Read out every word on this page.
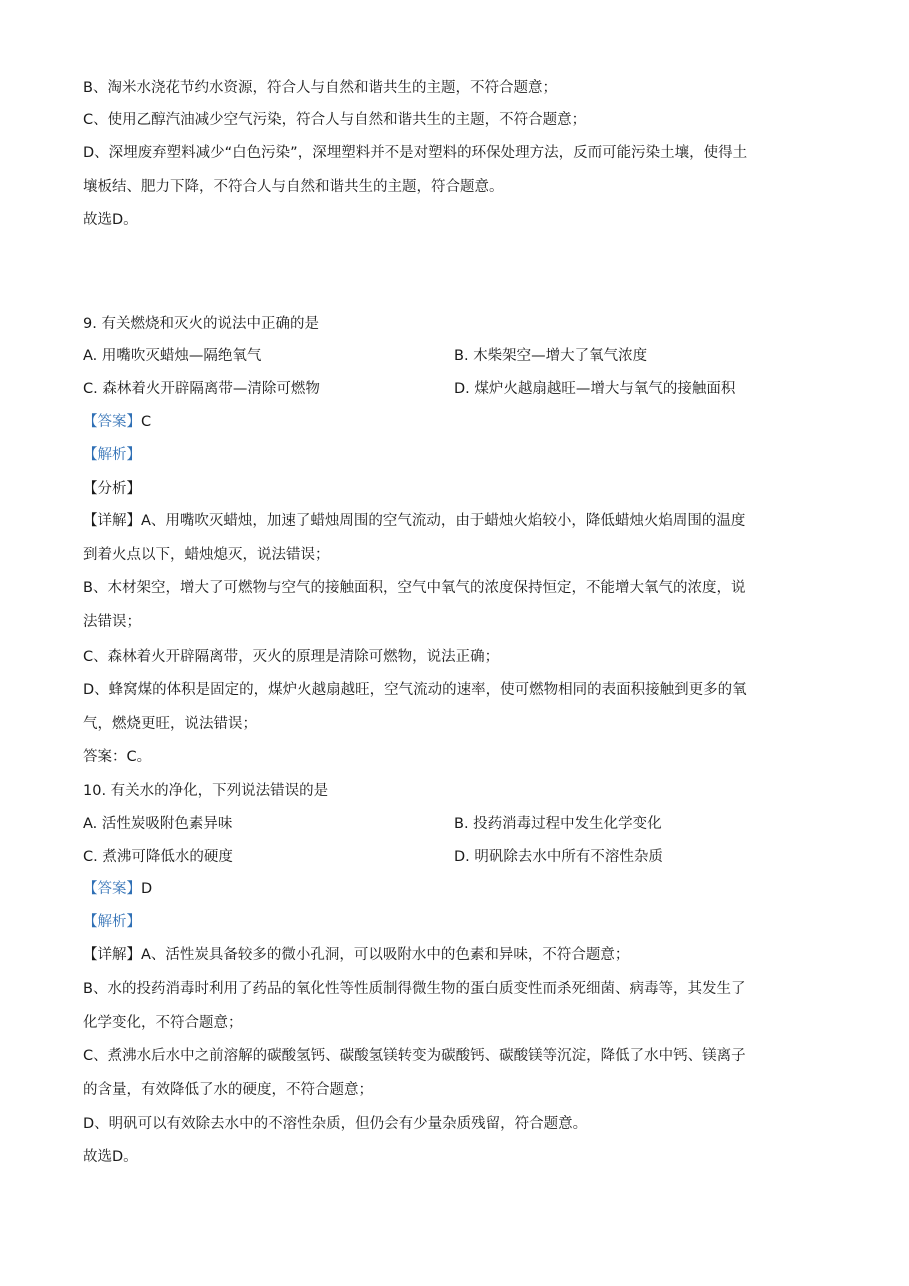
B、淘米水浇花节约水资源，符合人与自然和谐共生的主题，不符合题意；
C、使用乙醇汽油减少空气污染，符合人与自然和谐共生的主题，不符合题意；
D、深埋废弃塑料减少“白色污染”，深埋塑料并不是对塑料的环保处理方法，反而可能污染土壤，使得土
壤板结、肥力下降，不符合人与自然和谐共生的主题，符合题意。
故选D。
9. 有关燃烧和灭火的说法中正确的是
A. 用嘴吹灭蜡烛—隔绝氧气	B. 木柴架空—增大了氧气浓度
C. 森林着火开辟隔离带—清除可燃物	D. 煤炉火越扇越旺—增大与氧气的接触面积
【答案】C
【解析】
【分析】
【详解】A、用嘴吹灭蜡烛，加速了蜡烛周围的空气流动，由于蜡烛火焰较小，降低蜡烛火焰周围的温度
到着火点以下，蜡烛熄灭，说法错误；
B、木材架空，增大了可燃物与空气的接触面积，空气中氧气的浓度保持恒定，不能增大氧气的浓度，说
法错误；
C、森林着火开辟隔离带，灭火的原理是清除可燃物，说法正确；
D、蜂窝煤的体积是固定的，煤炉火越扇越旺，空气流动的速率，使可燃物相同的表面积接触到更多的氧
气，燃烧更旺，说法错误；
答案：C。
10. 有关水的净化，下列说法错误的是
A. 活性炭吸附色素异味	B. 投药消毒过程中发生化学变化
C. 煮沸可降低水的硬度	D. 明矾除去水中所有不溶性杂质
【答案】D
【解析】
【详解】A、活性炭具备较多的微小孔洞，可以吸附水中的色素和异味，不符合题意；
B、水的投药消毒时利用了药品的氧化性等性质制得微生物的蛋白质变性而杀死细菌、病毒等，其发生了
化学变化，不符合题意；
C、煮沸水后水中之前溶解的碳酸氢钙、碳酸氢镁转变为碳酸钙、碳酸镁等沉淀，降低了水中钙、镁离子
的含量，有效降低了水的硬度，不符合题意；
D、明矾可以有效除去水中的不溶性杂质，但仍会有少量杂质残留，符合题意。
故选D。
